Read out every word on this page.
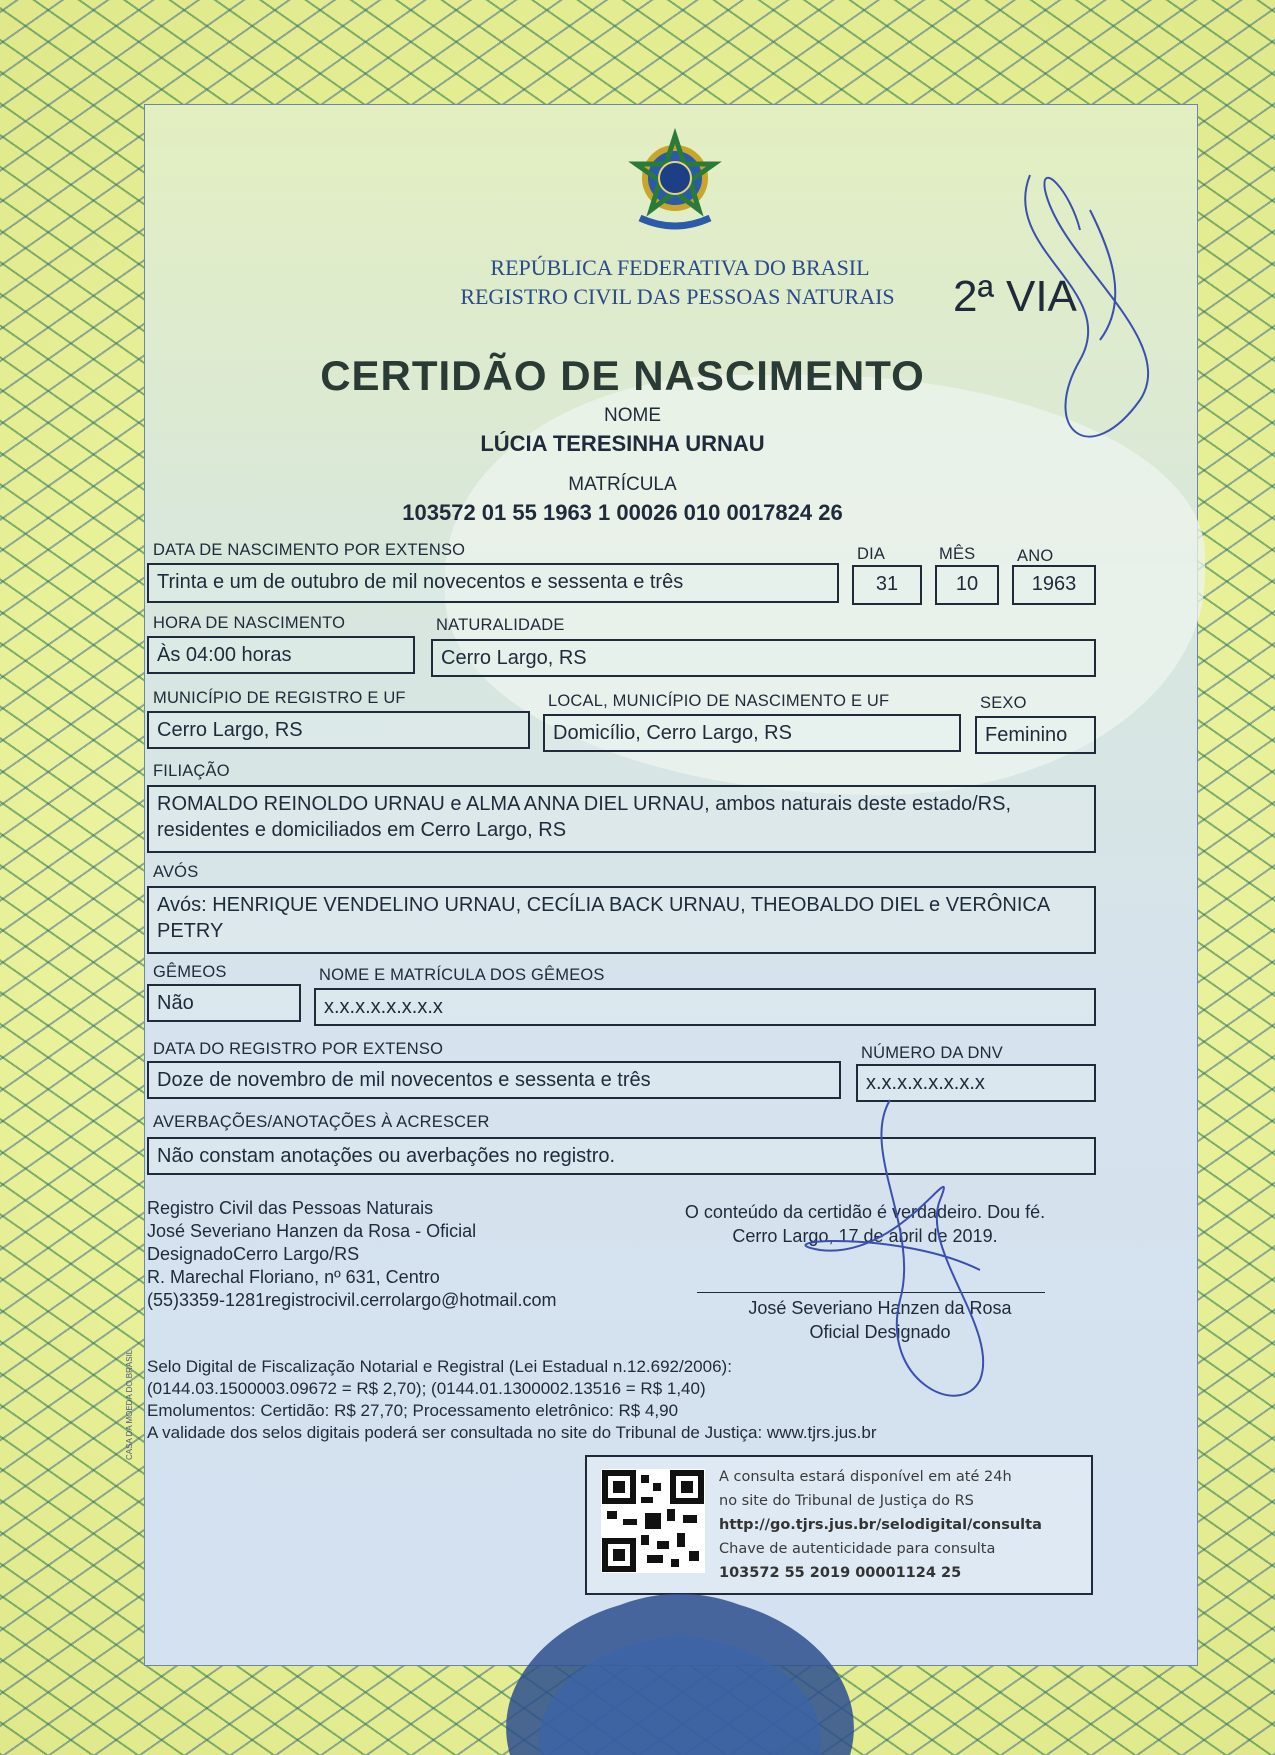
REPÚBLICA FEDERATIVA DO BRASIL
REGISTRO CIVIL DAS PESSOAS NATURAIS	2ª VIA
CERTIDÃO DE NASCIMENTO
NOME
LÚCIA TERESINHA URNAU
MATRÍCULA
103572 01 55 1963 1 00026 010 0017824 26
DATA DE NASCIMENTO POR EXTENSO
Trinta e um de outubro de mil novecentos e sessenta e três
DIA
31
MÊS
10
ANO
1963
HORA DE NASCIMENTO
Às 04:00 horas
NATURALIDADE
Cerro Largo, RS
MUNICÍPIO DE REGISTRO E UF
Cerro Largo, RS
LOCAL, MUNICÍPIO DE NASCIMENTO E UF
Domicílio, Cerro Largo, RS
SEXO
Feminino
FILIAÇÃO
ROMALDO REINOLDO URNAU e ALMA ANNA DIEL URNAU, ambos naturais deste estado/RS, residentes e domiciliados em Cerro Largo, RS
AVÓS
Avós: HENRIQUE VENDELINO URNAU, CECÍLIA BACK URNAU, THEOBALDO DIEL e VERÔNICA PETRY
GÊMEOS
Não
NOME E MATRÍCULA DOS GÊMEOS
x.x.x.x.x.x.x.x
DATA DO REGISTRO POR EXTENSO
Doze de novembro de mil novecentos e sessenta e três
NÚMERO DA DNV
x.x.x.x.x.x.x.x
AVERBAÇÕES/ANOTAÇÕES À ACRESCER
Não constam anotações ou averbações no registro.
Registro Civil das Pessoas Naturais
José Severiano Hanzen da Rosa - Oficial
DesignadoCerro Largo/RS
R. Marechal Floriano, nº 631, Centro
(55)3359-1281registrocivil.cerrolargo@hotmail.com
O conteúdo da certidão é verdadeiro. Dou fé.
Cerro Largo, 17 de abril de 2019.
José Severiano Hanzen da Rosa
Oficial Designado
Selo Digital de Fiscalização Notarial e Registral (Lei Estadual n.12.692/2006):
(0144.03.1500003.09672 = R$ 2,70); (0144.01.1300002.13516 = R$ 1,40)
Emolumentos: Certidão: R$ 27,70; Processamento eletrônico: R$ 4,90
A validade dos selos digitais poderá ser consultada no site do Tribunal de Justiça: www.tjrs.jus.br
A consulta estará disponível em até 24h
no site do Tribunal de Justiça do RS
http://go.tjrs.jus.br/selodigital/consulta
Chave de autenticidade para consulta
103572 55 2019 00001124 25
CASA DA MOEDA DO BRASIL
